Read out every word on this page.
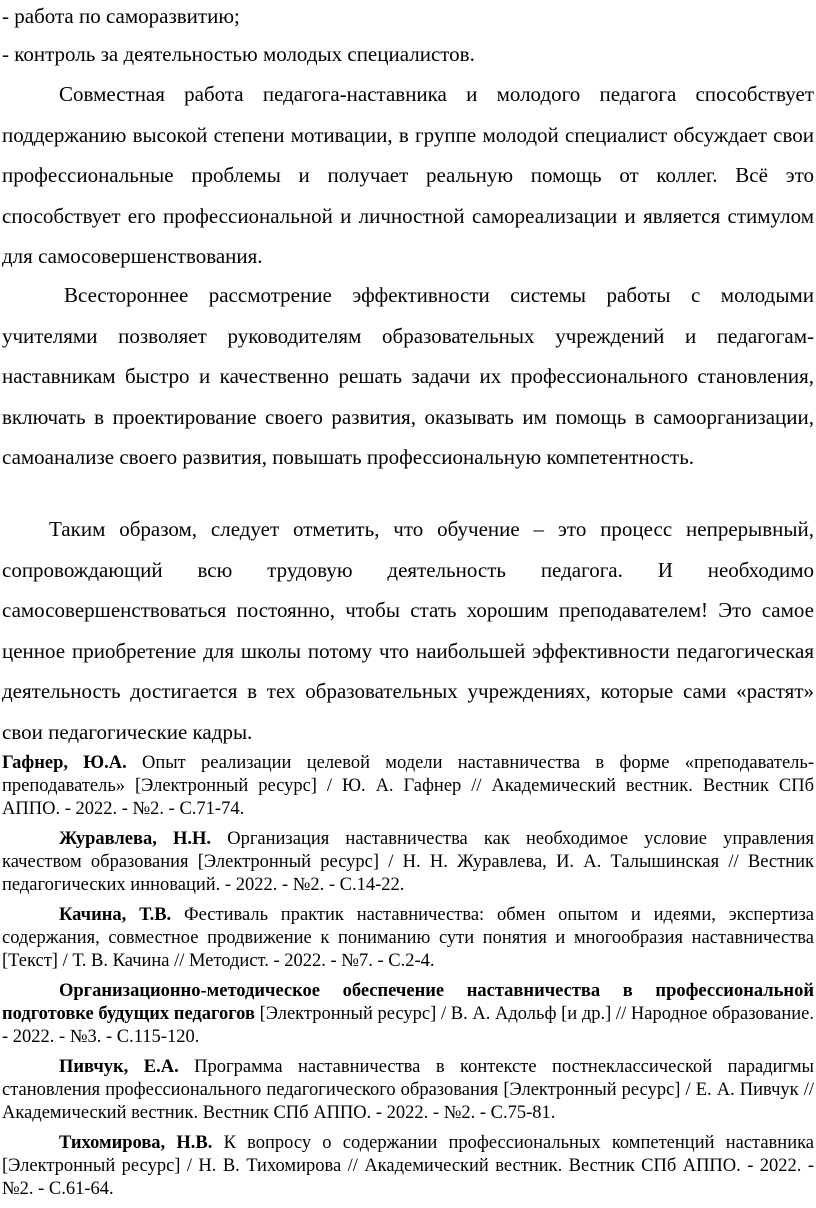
- работа по саморазвитию;
- контроль за деятельностью молодых специалистов.

Совместная работа педагога-наставника и молодого педагога способствует поддержанию высокой степени мотивации, в группе молодой специалист обсуждает свои профессиональные проблемы и получает реальную помощь от коллег. Всё это способствует его профессиональной и личностной самореализации и является стимулом для самосовершенствования.

Всестороннее рассмотрение эффективности системы работы с молодыми учителями позволяет руководителям образовательных учреждений и педагогам-наставникам быстро и качественно решать задачи их профессионального становления, включать в проектирование своего развития, оказывать им помощь в самоорганизации, самоанализе своего развития, повышать профессиональную компетентность.

Таким образом, следует отметить, что обучение – это процесс непрерывный, сопровождающий всю трудовую деятельность педагога. И необходимо самосовершенствоваться постоянно, чтобы стать хорошим преподавателем! Это самое ценное приобретение для школы потому что наибольшей эффективности педагогическая деятельность достигается в тех образовательных учреждениях, которые сами «растят» свои педагогические кадры.

Гафнер, Ю.А. Опыт реализации целевой модели наставничества в форме «преподаватель-преподаватель» [Электронный ресурс] / Ю. А. Гафнер // Академический вестник. Вестник СПб АППО. - 2022. - №2. - С.71-74.

Журавлева, Н.Н. Организация наставничества как необходимое условие управления качеством образования [Электронный ресурс] / Н. Н. Журавлева, И. А. Талышинская // Вестник педагогических инноваций. - 2022. - №2. - С.14-22.

Качина, Т.В. Фестиваль практик наставничества: обмен опытом и идеями, экспертиза содержания, совместное продвижение к пониманию сути понятия и многообразия наставничества [Текст] / Т. В. Качина // Методист. - 2022. - №7. - С.2-4.

Организационно-методическое обеспечение наставничества в профессиональной подготовке будущих педагогов [Электронный ресурс] / В. А. Адольф [и др.] // Народное образование. - 2022. - №3. - С.115-120.

Пивчук, Е.А. Программа наставничества в контексте постнеклассической парадигмы становления профессионального педагогического образования [Электронный ресурс] / Е. А. Пивчук // Академический вестник. Вестник СПб АППО. - 2022. - №2. - С.75-81.

Тихомирова, Н.В. К вопросу о содержании профессиональных компетенций наставника [Электронный ресурс] / Н. В. Тихомирова // Академический вестник. Вестник СПб АППО. - 2022. - №2. - С.61-64.
